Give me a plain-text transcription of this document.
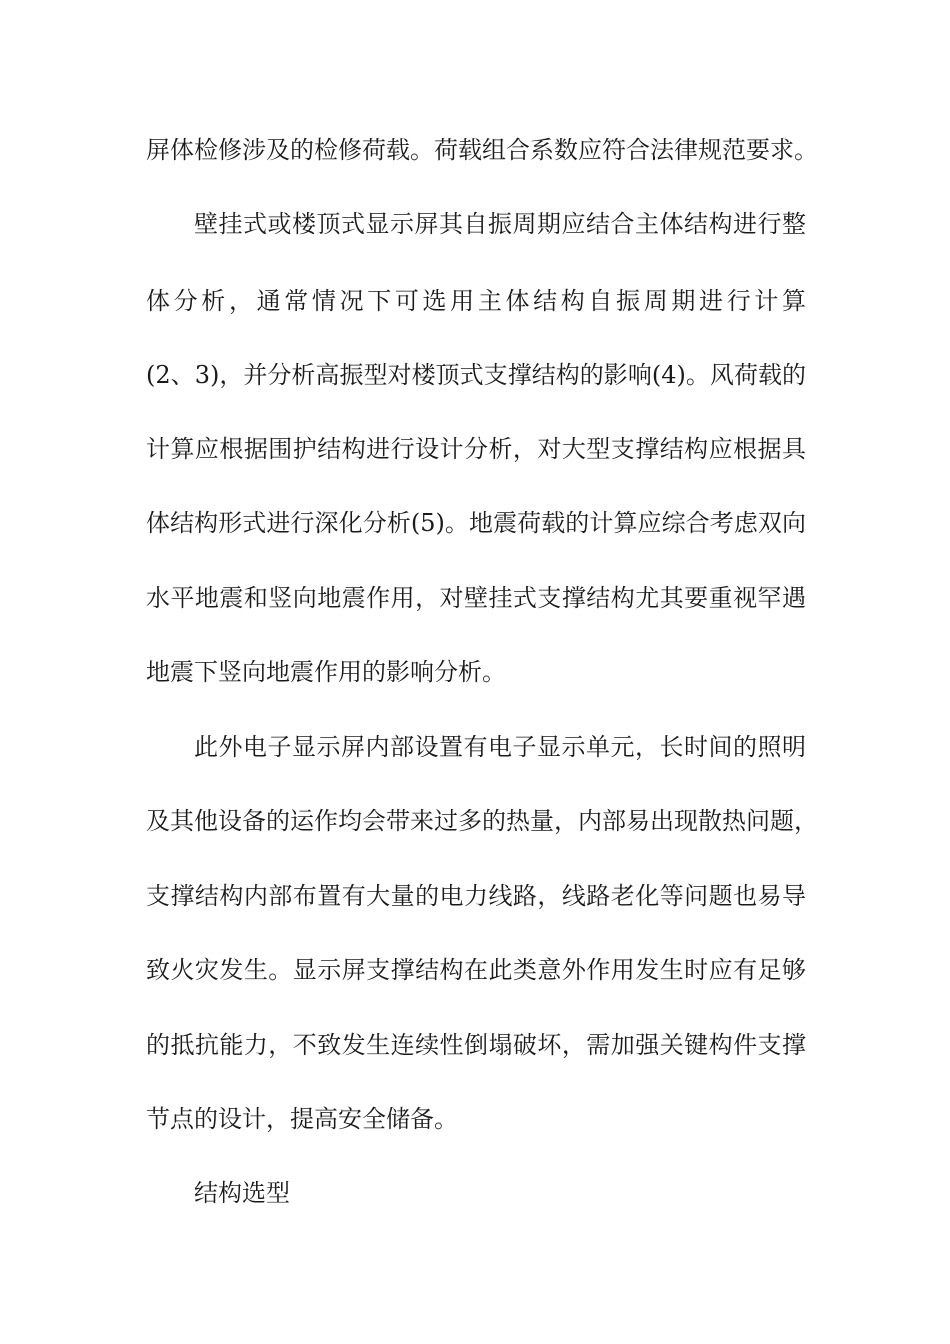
屏体检修涉及的检修荷载。荷载组合系数应符合法律规范要求。
壁挂式或楼顶式显示屏其自振周期应结合主体结构进行整
体分析，通常情况下可选用主体结构自振周期进行计算
(2、3)，并分析高振型对楼顶式支撑结构的影响(4)。风荷载的
计算应根据围护结构进行设计分析，对大型支撑结构应根据具
体结构形式进行深化分析(5)。地震荷载的计算应综合考虑双向
水平地震和竖向地震作用，对壁挂式支撑结构尤其要重视罕遇
地震下竖向地震作用的影响分析。
此外电子显示屏内部设置有电子显示单元，长时间的照明
及其他设备的运作均会带来过多的热量，内部易出现散热问题，
支撑结构内部布置有大量的电力线路，线路老化等问题也易导
致火灾发生。显示屏支撑结构在此类意外作用发生时应有足够
的抵抗能力，不致发生连续性倒塌破坏，需加强关键构件支撑
节点的设计，提高安全储备。
结构选型
